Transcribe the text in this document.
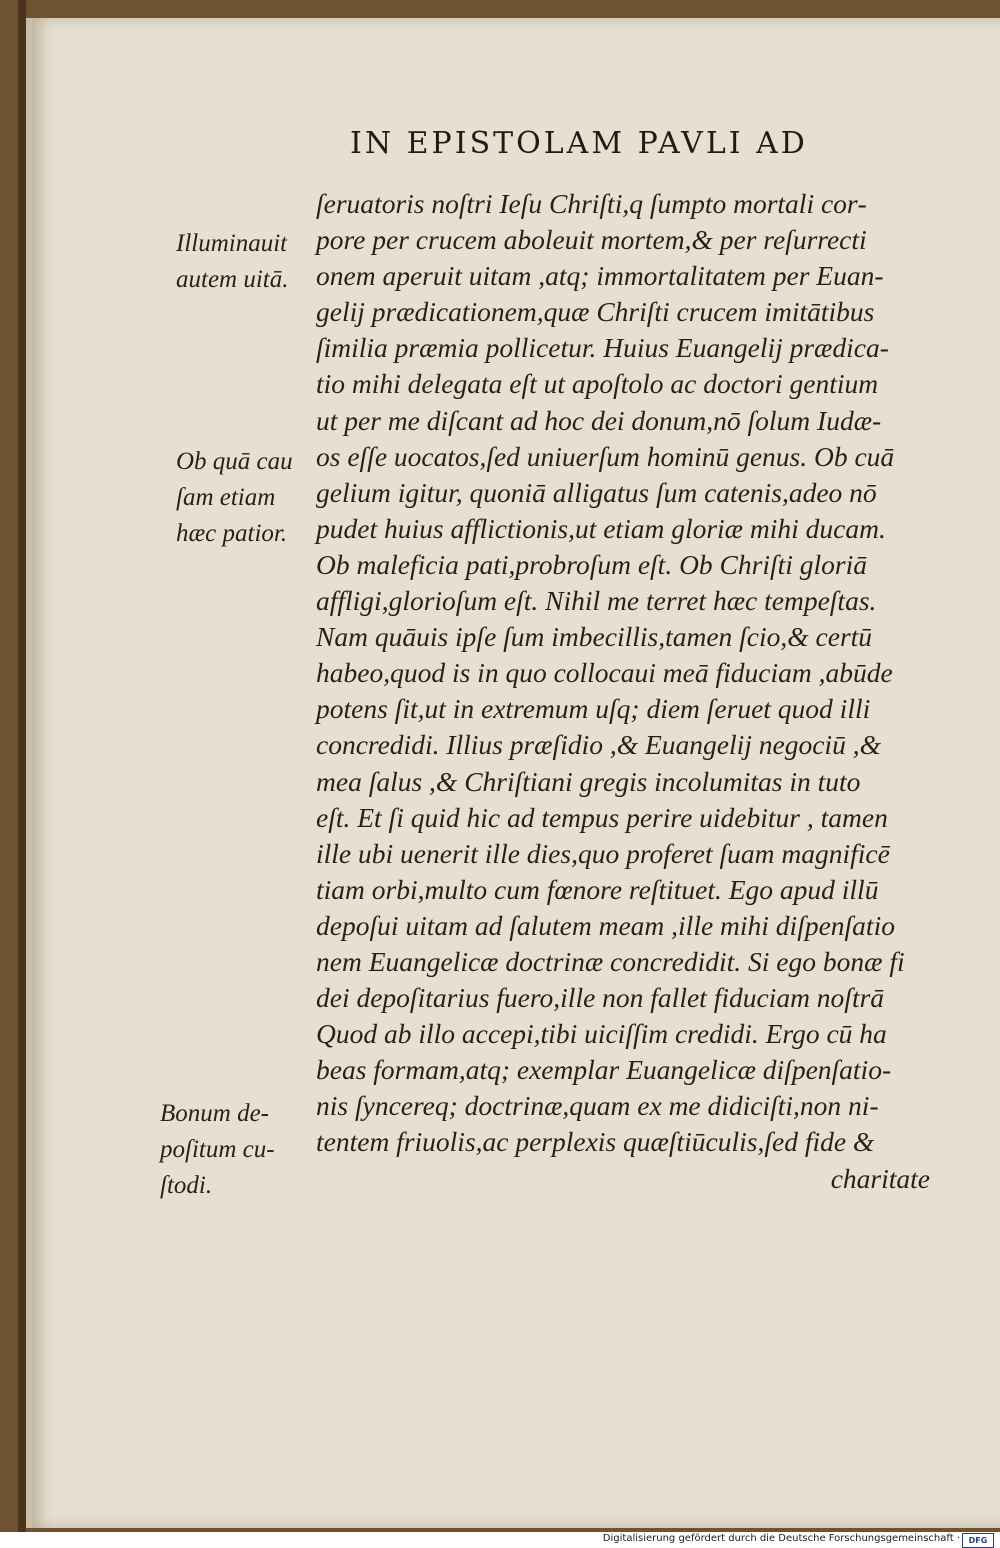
IN EPISTOLAM PAVLI AD
ſeruatoris noſtri Ieſu Chriſti,q ſumpto mortali cor‑
pore per crucem aboleuit mortem,& per reſurrecti
onem aperuit uitam ,atq; immortalitatem per Euan‑
gelij prædicationem,quæ Chriſti crucem imitātibus
ſimilia præmia pollicetur. Huius Euangelij prædica‑
tio mihi delegata eſt ut apoſtolo ac doctori gentium
ut per me diſcant ad hoc dei donum,nō ſolum Iudæ‑
os eſſe uocatos,ſed uniuerſum hominū genus. Ob cuā
gelium igitur, quoniā alligatus ſum catenis,adeo nō
pudet huius afflictionis,ut etiam gloriæ mihi ducam.
Ob maleficia pati,probroſum eſt. Ob Chriſti gloriā
affligi,glorioſum eſt. Nihil me terret hæc tempeſtas.
Nam quāuis ipſe ſum imbecillis,tamen ſcio,& certū
habeo,quod is in quo collocaui meā fiduciam ,abūde
potens ſit,ut in extremum uſq; diem ſeruet quod illi
concredidi. Illius præſidio ,& Euangelij negociū ,&
mea ſalus ,& Chriſtiani gregis incolumitas in tuto
eſt. Et ſi quid hic ad tempus perire uidebitur , tamen
ille ubi uenerit ille dies,quo proferet ſuam magnificē
tiam orbi,multo cum fœnore reſtituet. Ego apud illū
depoſui uitam ad ſalutem meam ,ille mihi diſpenſatio
nem Euangelicæ doctrinæ concredidit. Si ego bonæ fi
dei depoſitarius fuero,ille non fallet fiduciam noſtrā
Quod ab illo accepi,tibi uiciſſim credidi. Ergo cū ha
beas formam,atq; exemplar Euangelicæ diſpenſatio‑
nis ſyncereq; doctrinæ,quam ex me didiciſti,non ni‑
tentem friuolis,ac perplexis quæſtiūculis,ſed fide &
charitate
Illuminauit
autem uitā.
Ob quā cau
ſam etiam
hæc patior.
Bonum de‑
poſitum cu‑
ſtodi.
Digitalisierung gefördert durch die Deutsche Forschungsgemeinschaft ·	DFG
